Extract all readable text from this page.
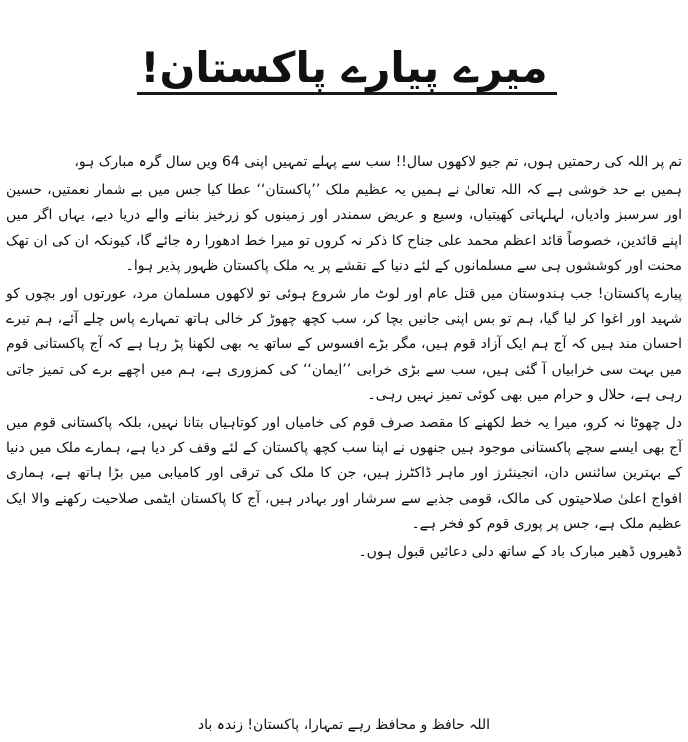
میرے پیارے پاکستان!

تم پر اللہ کی رحمتیں ہوں، تم جیو لاکھوں سال!! سب سے پہلے تمہیں اپنی 64 ویں سال گرہ مبارک ہو،

ہمیں بے حد خوشی ہے کہ اللہ تعالیٰ نے ہمیں یہ عظیم ملک ’’پاکستان‘‘ عطا کیا جس میں بے شمار نعمتیں، حسین اور سرسبز وادیاں، لہلہاتی کھیتیاں، وسیع و عریض سمندر اور زمینوں کو زرخیز بنانے والے دریا دیے، یہاں اگر میں اپنے قائدین، خصوصاً قائد اعظم محمد علی جناح کا ذکر نہ کروں تو میرا خط ادھورا رہ جائے گا، کیونکہ ان کی ان تھک محنت اور کوششوں ہی سے مسلمانوں کے لئے دنیا کے نقشے پر یہ ملک پاکستان ظہور پذیر ہوا۔

پیارے پاکستان! جب ہندوستان میں قتل عام اور لوٹ مار شروع ہوئی تو لاکھوں مسلمان مرد، عورتوں اور بچوں کو شہید اور اغوا کر لیا گیا، ہم تو بس اپنی جانیں بچا کر، سب کچھ چھوڑ کر خالی ہاتھ تمہارے پاس چلے آئے، ہم تیرے احسان مند ہیں کہ آج ہم ایک آزاد قوم ہیں، مگر بڑے افسوس کے ساتھ یہ بھی لکھنا پڑ رہا ہے کہ آج پاکستانی قوم میں بہت سی خرابیاں آ گئی ہیں، سب سے بڑی خرابی ’’ایمان‘‘ کی کمزوری ہے، ہم میں اچھے برے کی تمیز جاتی رہی ہے، حلال و حرام میں بھی کوئی تمیز نہیں رہی۔

دل چھوٹا نہ کرو، میرا یہ خط لکھنے کا مقصد صرف قوم کی خامیاں اور کوتاہیاں بتانا نہیں، بلکہ پاکستانی قوم میں آج بھی ایسے سچے پاکستانی موجود ہیں جنھوں نے اپنا سب کچھ پاکستان کے لئے وقف کر دیا ہے، ہمارے ملک میں دنیا کے بہترین سائنس دان، انجینئرز اور ماہر ڈاکٹرز ہیں، جن کا ملک کی ترقی اور کامیابی میں بڑا ہاتھ ہے، ہماری افواج اعلیٰ صلاحیتوں کی مالک، قومی جذبے سے سرشار اور بہادر ہیں، آج کا پاکستان ایٹمی صلاحیت رکھنے والا ایک عظیم ملک ہے، جس پر پوری قوم کو فخر ہے۔

ڈھیروں ڈھیر مبارک باد کے ساتھ دلی دعائیں قبول ہوں۔

اللہ حافظ و محافظ رہے تمہارا، پاکستان! زندہ باد
